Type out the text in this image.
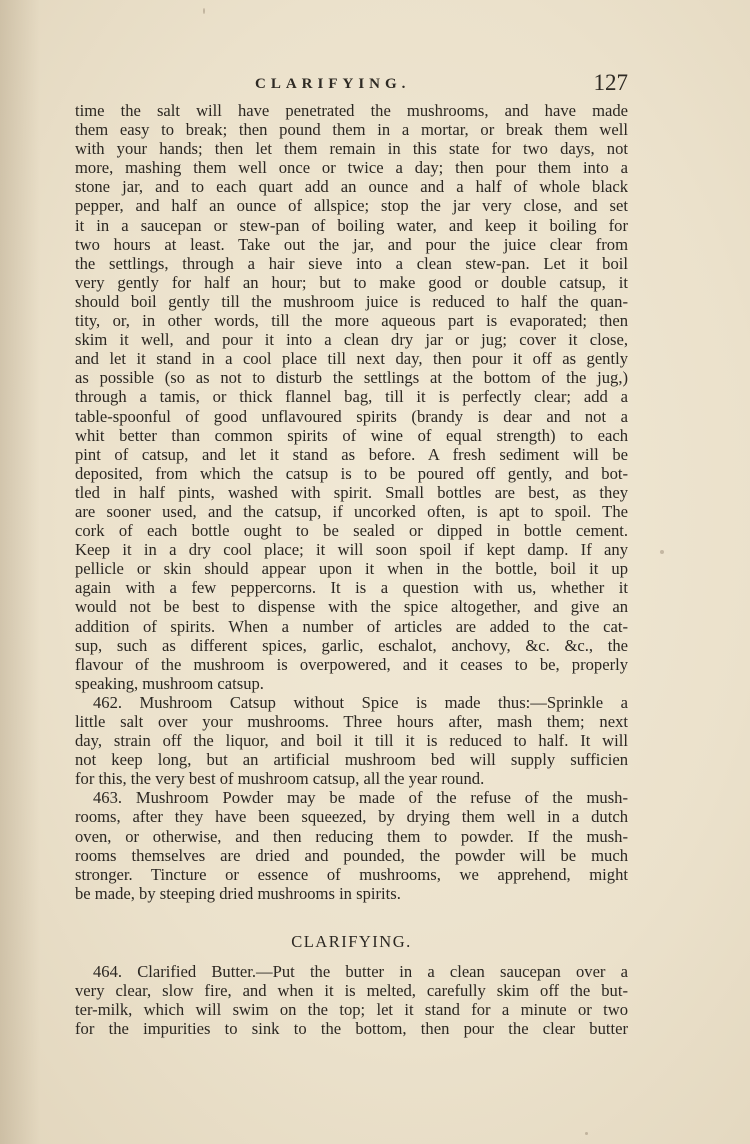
CLARIFYING.	127
time the salt will have penetrated the mushrooms, and have made
them easy to break; then pound them in a mortar, or break them well
with your hands; then let them remain in this state for two days, not
more, mashing them well once or twice a day; then pour them into a
stone jar, and to each quart add an ounce and a half of whole black
pepper, and half an ounce of allspice; stop the jar very close, and set
it in a saucepan or stew-pan of boiling water, and keep it boiling for
two hours at least. Take out the jar, and pour the juice clear from
the settlings, through a hair sieve into a clean stew-pan. Let it boil
very gently for half an hour; but to make good or double catsup, it
should boil gently till the mushroom juice is reduced to half the quan-
tity, or, in other words, till the more aqueous part is evaporated; then
skim it well, and pour it into a clean dry jar or jug; cover it close,
and let it stand in a cool place till next day, then pour it off as gently
as possible (so as not to disturb the settlings at the bottom of the jug,)
through a tamis, or thick flannel bag, till it is perfectly clear; add a
table-spoonful of good unflavoured spirits (brandy is dear and not a
whit better than common spirits of wine of equal strength) to each
pint of catsup, and let it stand as before. A fresh sediment will be
deposited, from which the catsup is to be poured off gently, and bot-
tled in half pints, washed with spirit. Small bottles are best, as they
are sooner used, and the catsup, if uncorked often, is apt to spoil. The
cork of each bottle ought to be sealed or dipped in bottle cement.
Keep it in a dry cool place; it will soon spoil if kept damp. If any
pellicle or skin should appear upon it when in the bottle, boil it up
again with a few peppercorns. It is a question with us, whether it
would not be best to dispense with the spice altogether, and give an
addition of spirits. When a number of articles are added to the cat-
sup, such as different spices, garlic, eschalot, anchovy, &c. &c., the
flavour of the mushroom is overpowered, and it ceases to be, properly
speaking, mushroom catsup.
462. Mushroom Catsup without Spice is made thus:—Sprinkle a
little salt over your mushrooms. Three hours after, mash them; next
day, strain off the liquor, and boil it till it is reduced to half. It will
not keep long, but an artificial mushroom bed will supply sufficien
for this, the very best of mushroom catsup, all the year round.
463. Mushroom Powder may be made of the refuse of the mush-
rooms, after they have been squeezed, by drying them well in a dutch
oven, or otherwise, and then reducing them to powder. If the mush-
rooms themselves are dried and pounded, the powder will be much
stronger. Tincture or essence of mushrooms, we apprehend, might
be made, by steeping dried mushrooms in spirits.
CLARIFYING.
464. Clarified Butter.—Put the butter in a clean saucepan over a
very clear, slow fire, and when it is melted, carefully skim off the but-
ter-milk, which will swim on the top; let it stand for a minute or two
for the impurities to sink to the bottom, then pour the clear butter
